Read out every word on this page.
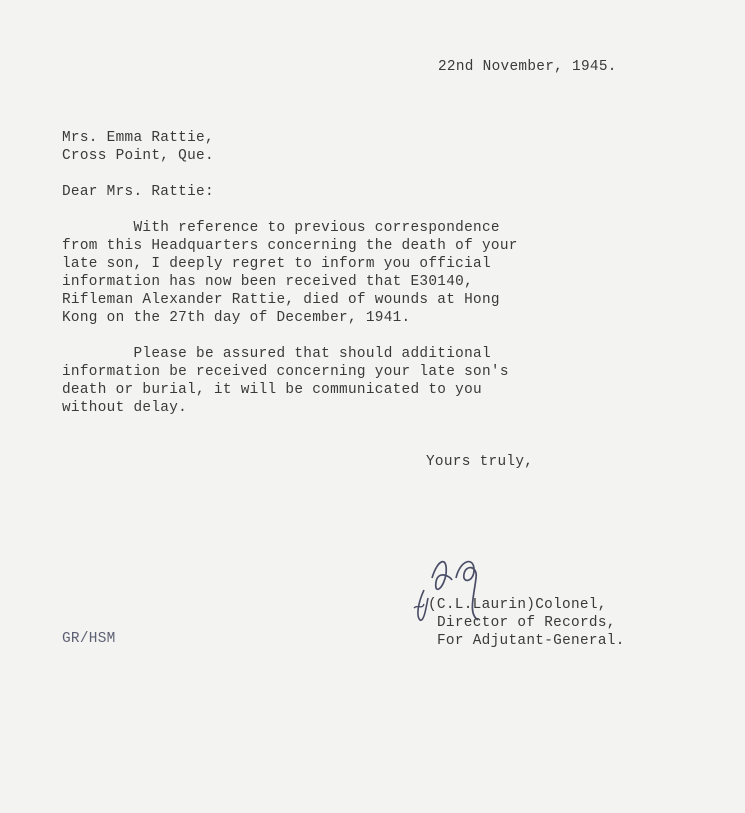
22nd November, 1945.
Mrs. Emma Rattie,
Cross Point, Que.
Dear Mrs. Rattie:
With reference to previous correspondence
from this Headquarters concerning the death of your
late son, I deeply regret to inform you official
information has now been received that E30140,
Rifleman Alexander Rattie, died of wounds at Hong
Kong on the 27th day of December, 1941.
Please be assured that should additional
information be received concerning your late son's
death or burial, it will be communicated to you
without delay.
Yours truly,
(C.L.Laurin)Colonel,
Director of Records,
For Adjutant-General.
GR/HSM
